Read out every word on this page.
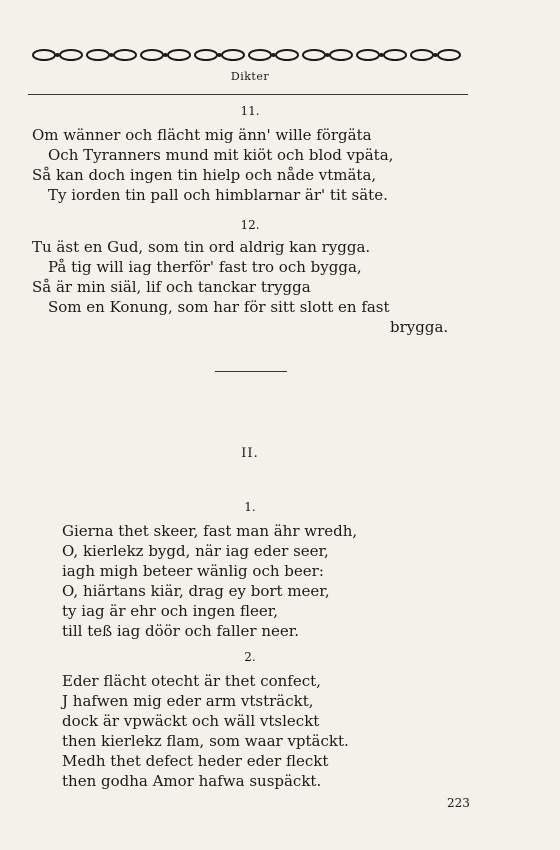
Dikter
11.
Om wänner och flächt mig änn' wille förgäta
Och Tyranners mund mit kiöt och blod vpäta,
Så kan doch ingen tin hielp och nåde vtmäta,
Ty iorden tin pall och himblarnar är' tit säte.
12.
Tu äst en Gud, som tin ord aldrig kan rygga.
På tig will iag therför' fast tro och bygga,
Så är min siäl, lif och tanckar trygga
Som en Konung, som har för sitt slott en fast
brygga.
II.
1.
Gierna thet skeer, fast man ähr wredh,
O, kierlekz bygd, när iag eder seer,
iagh migh beteer wänlig och beer:
O, hiärtans kiär, drag ey bort meer,
ty iag är ehr och ingen fleer,
till teß iag döör och faller neer.
2.
Eder flächt otecht är thet confect,
J hafwen mig eder arm vtsträckt,
dock är vpwäckt och wäll vtsleckt
then kierlekz flam, som waar vptäckt.
Medh thet defect heder eder fleckt
then godha Amor hafwa suspäckt.
223
